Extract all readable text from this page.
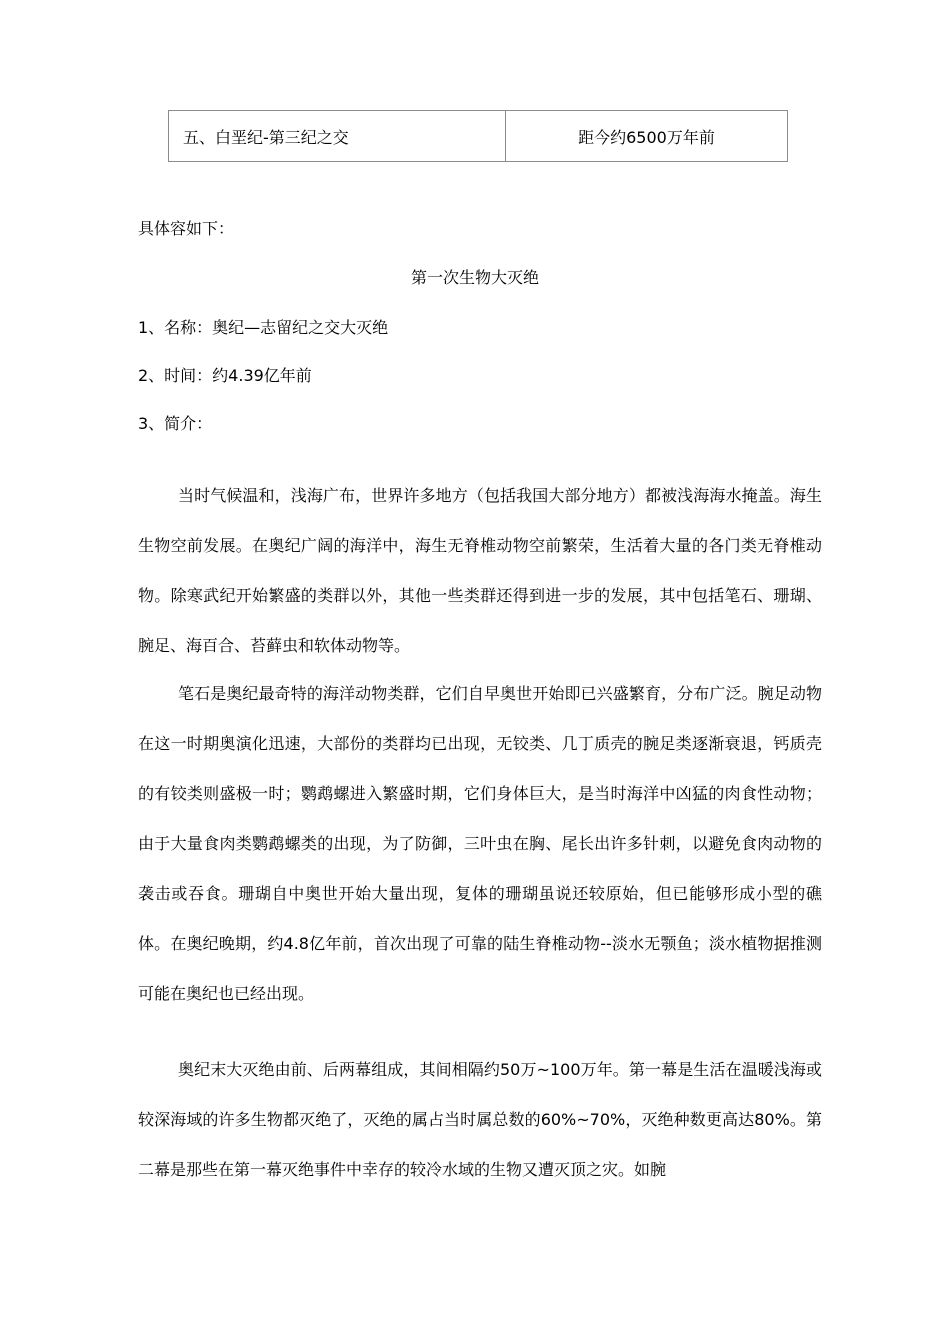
五、白垩纪-第三纪之交	距今约6500万年前
具体容如下：
第一次生物大灭绝
1、名称：奥纪—志留纪之交大灭绝
2、时间：约4.39亿年前
3、简介：

当时气候温和，浅海广布，世界许多地方（包括我国大部分地方）都被浅海海水掩盖。海生生物空前发展。在奥纪广阔的海洋中，海生无脊椎动物空前繁荣，生活着大量的各门类无脊椎动物。除寒武纪开始繁盛的类群以外，其他一些类群还得到进一步的发展，其中包括笔石、珊瑚、腕足、海百合、苔藓虫和软体动物等。

笔石是奥纪最奇特的海洋动物类群，它们自早奥世开始即已兴盛繁育，分布广泛。腕足动物在这一时期奥演化迅速，大部份的类群均已出现，无铰类、几丁质壳的腕足类逐渐衰退，钙质壳的有铰类则盛极一时；鹦鹉螺进入繁盛时期，它们身体巨大，是当时海洋中凶猛的肉食性动物；由于大量食肉类鹦鹉螺类的出现，为了防御，三叶虫在胸、尾长出许多针刺，以避免食肉动物的袭击或吞食。珊瑚自中奥世开始大量出现，复体的珊瑚虽说还较原始，但已能够形成小型的礁体。在奥纪晚期，约4.8亿年前，首次出现了可靠的陆生脊椎动物--淡水无颚鱼；淡水植物据推测可能在奥纪也已经出现。

奥纪末大灭绝由前、后两幕组成，其间相隔约50万~100万年。第一幕是生活在温暖浅海或较深海域的许多生物都灭绝了，灭绝的属占当时属总数的60%~70%，灭绝种数更高达80%。第二幕是那些在第一幕灭绝事件中幸存的较冷水域的生物又遭灭顶之灾。如腕
